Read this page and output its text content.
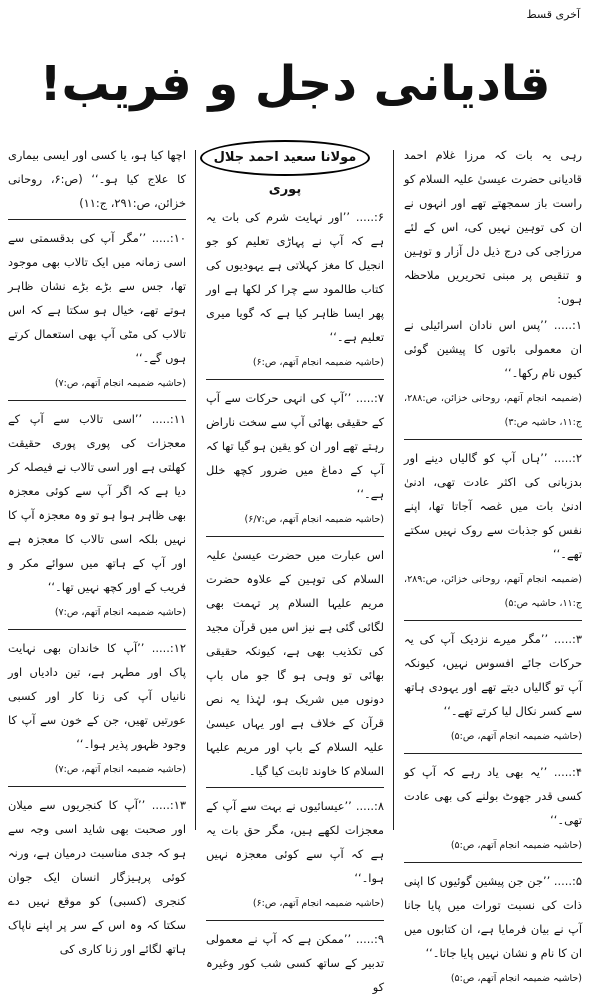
آخری قسط
قادیانی دجل و فریب!
مولانا سعید احمد جلال پوری

رہی یہ بات کہ مرزا غلام احمد قادیانی حضرت عیسیٰ علیہ السلام کو راست باز سمجھتے تھے اور انہوں نے ان کی توہین نہیں کی، اس کے لئے مرزاجی کی درج ذیل دل آزار و توہین و تنقیص پر مبنی تحریریں ملاحظہ ہوں:

۱:..... ’’پس اس نادان اسرائیلی نے ان معمولی باتوں کا پیشین گوئی کیوں نام رکھا۔‘‘

(ضمیمہ انجام آتھم، روحانی خزائن، ص:۲۸۸، ج:۱۱، حاشیہ ص:۳)

۲:..... ’’ہاں آپ کو گالیاں دینے اور بدزبانی کی اکثر عادت تھی، ادنیٰ ادنیٰ بات میں غصہ آجاتا تھا، اپنے نفس کو جذبات سے روک نہیں سکتے تھے۔‘‘

(ضمیمہ انجام آتھم، روحانی خزائن، ص:۲۸۹، ج:۱۱، حاشیہ ص:۵)

۳:..... ’’مگر میرے نزدیک آپ کی یہ حرکات جائے افسوس نہیں، کیونکہ آپ تو گالیاں دیتے تھے اور یہودی ہاتھ سے کسر نکال لیا کرتے تھے۔‘‘

(حاشیہ ضمیمہ انجام آتھم، ص:۵)

۴:..... ’’یہ بھی یاد رہے کہ آپ کو کسی قدر جھوٹ بولنے کی بھی عادت تھی۔‘‘

(حاشیہ ضمیمہ انجام آتھم، ص:۵)

۵:..... ’’جن جن پیشین گوئیوں کا اپنی ذات کی نسبت تورات میں پایا جانا آپ نے بیان فرمایا ہے، ان کتابوں میں ان کا نام و نشان نہیں پایا جاتا۔‘‘

(حاشیہ ضمیمہ انجام آتھم، ص:۵)

۶:..... ’’اور نہایت شرم کی بات یہ ہے کہ آپ نے پہاڑی تعلیم کو جو انجیل کا مغز کہلاتی ہے یہودیوں کی کتاب طالمود سے چرا کر لکھا ہے اور پھر ایسا ظاہر کیا ہے کہ گویا میری تعلیم ہے۔‘‘

(حاشیہ ضمیمہ انجام آتھم، ص:۶)

۷:..... ’’آپ کی انہی حرکات سے آپ کے حقیقی بھائی آپ سے سخت ناراض رہتے تھے اور ان کو یقین ہو گیا تھا کہ آپ کے دماغ میں ضرور کچھ خلل ہے۔‘‘

(حاشیہ ضمیمہ انجام آتھم، ص:۶/۷)

اس عبارت میں حضرت عیسیٰ علیہ السلام کی توہین کے علاوہ حضرت مریم علیہا السلام پر تہمت بھی لگائی گئی ہے نیز اس میں قرآن مجید کی تکذیب بھی ہے، کیونکہ حقیقی بھائی تو وہی ہو گا جو ماں باپ دونوں میں شریک ہو، لہٰذا یہ نص قرآن کے خلاف ہے اور یہاں عیسیٰ علیہ السلام کے باپ اور مریم علیہا السلام کا خاوند ثابت کیا گیا۔

۸:..... ’’عیسائیوں نے بہت سے آپ کے معجزات لکھے ہیں، مگر حق بات یہ ہے کہ آپ سے کوئی معجزہ نہیں ہوا۔‘‘

(حاشیہ ضمیمہ انجام آتھم، ص:۶)

۹:..... ’’ممکن ہے کہ آپ نے معمولی تدبیر کے ساتھ کسی شب کور وغیرہ کو

اچھا کیا ہو، یا کسی اور ایسی بیماری کا علاج کیا ہو۔‘‘ (ص:۶، روحانی خزائن، ص:۲۹۱، ج:۱۱)

۱۰:..... ’’مگر آپ کی بدقسمتی سے اسی زمانہ میں ایک تالاب بھی موجود تھا، جس سے بڑے بڑے نشان ظاہر ہوتے تھے، خیال ہو سکتا ہے کہ اس تالاب کی مٹی آپ بھی استعمال کرتے ہوں گے۔‘‘

(حاشیہ ضمیمہ انجام آتھم، ص:۷)

۱۱:..... ’’اسی تالاب سے آپ کے معجزات کی پوری پوری حقیقت کھلتی ہے اور اسی تالاب نے فیصلہ کر دیا ہے کہ اگر آپ سے کوئی معجزہ بھی ظاہر ہوا ہو تو وہ معجزہ آپ کا نہیں بلکہ اسی تالاب کا معجزہ ہے اور آپ کے ہاتھ میں سوائے مکر و فریب کے اور کچھ نہیں تھا۔‘‘

(حاشیہ ضمیمہ انجام آتھم، ص:۷)

۱۲:..... ’’آپ کا خاندان بھی نہایت پاک اور مطہر ہے، تین دادیاں اور نانیاں آپ کی زنا کار اور کسبی عورتیں تھیں، جن کے خون سے آپ کا وجود ظہور پذیر ہوا۔‘‘

(حاشیہ ضمیمہ انجام آتھم، ص:۷)

۱۳:..... ’’آپ کا کنجریوں سے میلان اور صحبت بھی شاید اسی وجہ سے ہو کہ جدی مناسبت درمیان ہے، ورنہ کوئی پرہیزگار انسان ایک جوان کنجری (کسبی) کو موقع نہیں دے سکتا کہ وہ اس کے سر پر اپنے ناپاک ہاتھ لگائے اور زنا کاری کی
